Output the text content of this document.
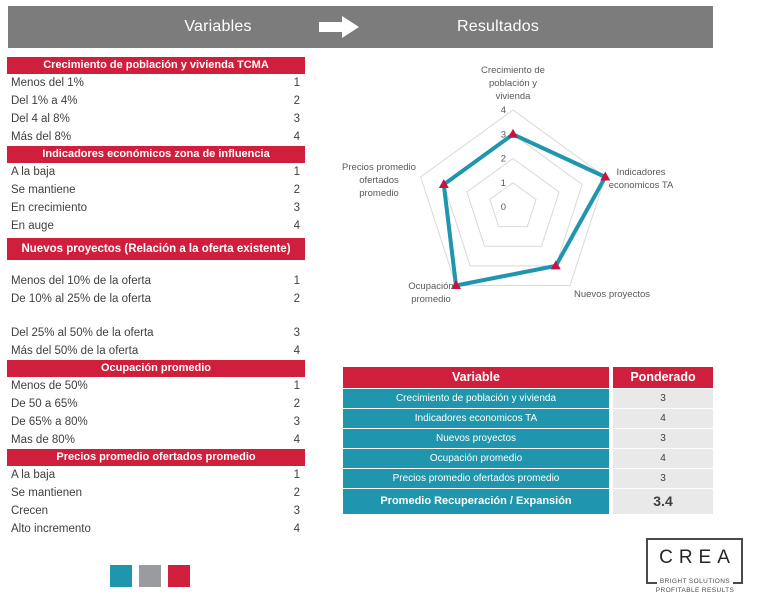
Variables	Resultados
Crecimiento de población y vivienda TCMA
Menos del 1%	1
Del 1% a 4%	2
Del 4 al 8%	3
Más del 8%	4
Indicadores económicos zona de influencia
A la baja	1
Se mantiene	2
En crecimiento	3
En auge	4
Nuevos proyectos (Relación a la oferta existente)
Menos del 10% de la oferta	1
De 10% al 25% de la oferta	2
Del 25% al 50% de la oferta	3
Más del 50% de la oferta	4
Ocupación promedio
Menos de 50%	1
De 50 a 65%	2
De 65% a 80%	3
Mas de 80%	4
Precios promedio ofertados promedio
A la baja	1
Se mantienen	2
Crecen	3
Alto incremento	4
0
1
2
3
4
Crecimiento de
población y
vivienda
Indicadores
economicos TA
Nuevos proyectos
Ocupación
promedio
Precios promedio
ofertados
promedio
Variable	Ponderado
Crecimiento de población y vivienda	3
Indicadores economicos TA	4
Nuevos proyectos	3
Ocupación promedio	4
Precios promedio ofertados promedio	3
Promedio Recuperación / Expansión	3.4
CREA
BRIGHT SOLUTIONS
PROFITABLE RESULTS
